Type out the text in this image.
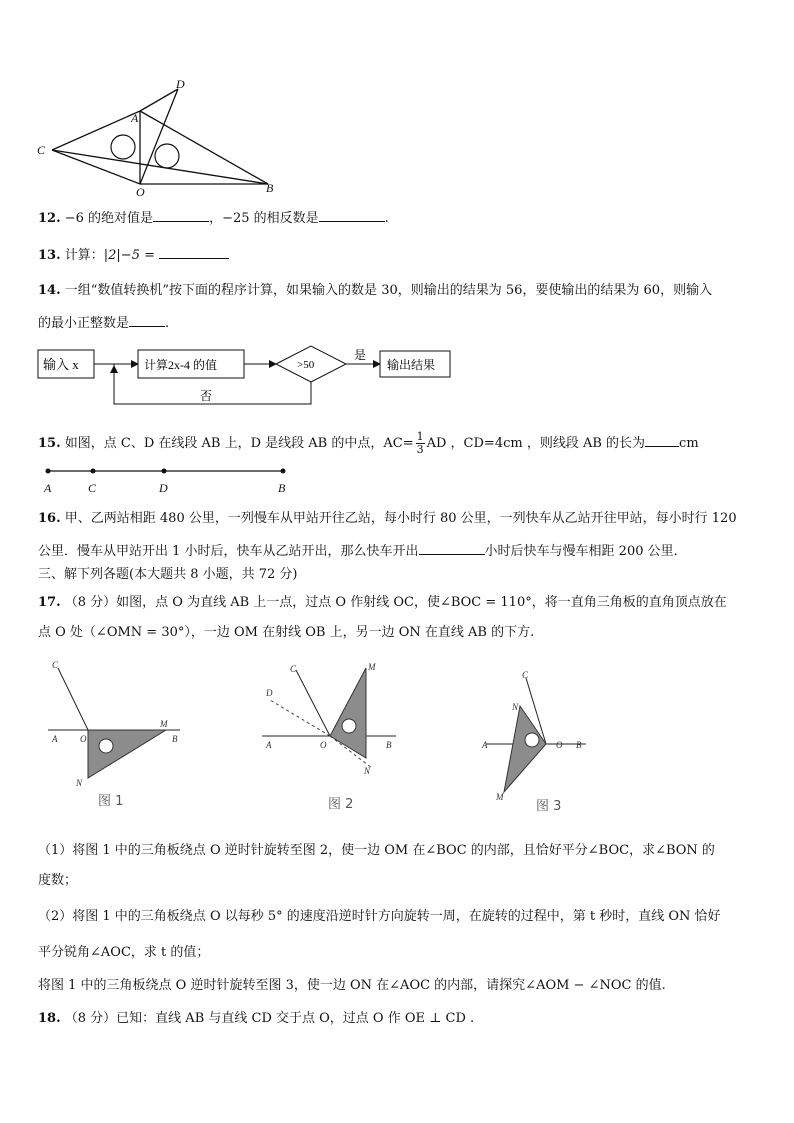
C
A
D
O	B
12. −6 的绝对值是	，−25 的相反数是	.
13. 计算：|2|−5 =
14. 一组“数值转换机”按下面的程序计算，如果输入的数是 30，则输出的结果为 56，要使输出的结果为 60，则输入
的最小正整数是	.
输入 x	计算2x-4 的值	>50
是
输出结果
否
15. 如图，点 C、D 在线段 AB 上，D 是线段 AB 的中点，$AC= \frac{1}{3}$ AD ，CD=4cm ，则线段 AB 的长为	cm
A	C	D	B
16. 甲、乙两站相距 480 公里，一列慢车从甲站开往乙站，每小时行 80 公里，一列快车从乙站开往甲站，每小时行 120
公里．慢车从甲站开出 1 小时后，快车从乙站开出，那么快车开出	小时后快车与慢车相距 200 公里．
三、解下列各题(本大题共 8 小题，共 72 分)
17. （8 分）如图，点 O 为直线 AB 上一点，过点 O 作射线 OC，使∠BOC = 110°，将一直角三角板的直角顶点放在
点 O 处（∠OMN = 30°），一边 OM 在射线 OB 上，另一边 ON 在直线 AB 的下方.
C
A	O
M
B
N
图 1
C	M
D
A	O	B
N
图 2
C
N
A	O B
M
图 3
（1）将图 1 中的三角板绕点 O 逆时针旋转至图 2，使一边 OM 在∠BOC 的内部，且恰好平分∠BOC，求∠BON 的
度数；
（2）将图 1 中的三角板绕点 O 以每秒 5° 的速度沿逆时针方向旋转一周，在旋转的过程中，第 t 秒时，直线 ON 恰好
平分锐角∠AOC，求 t 的值；
将图 1 中的三角板绕点 O 逆时针旋转至图 3，使一边 ON 在∠AOC 的内部，请探究∠AOM − ∠NOC 的值.
18. （8 分）已知：直线 AB 与直线 CD 交于点 O，过点 O 作 OE ⊥ CD .
